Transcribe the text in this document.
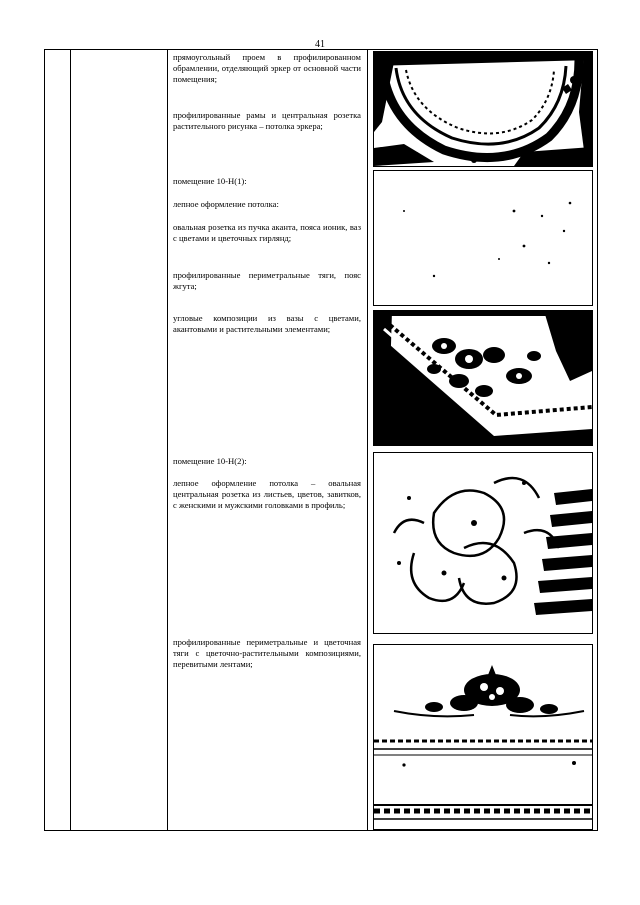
41

прямоугольный проем в профилированном обрамлении, отделяющий эркер от основной части помещения;

профилированные рамы и центральная розетка растительного рисунка – потолка эркера;

помещение 10-Н(1):

лепное оформление потолка:

овальная розетка из пучка аканта, пояса ионик, ваз с цветами и цветочных гирлянд;

профилированные периметральные тяги, пояс жгута;

угловые композиции из вазы с цветами, акантовыми и растительными элементами;

помещение 10-Н(2):

лепное оформление потолка – овальная центральная розетка из листьев, цветов, завитков, с женскими и мужскими головками в профиль;

профилированные периметральные и цветочная тяги с цветочно-растительными композициями, перевитыми лентами;
